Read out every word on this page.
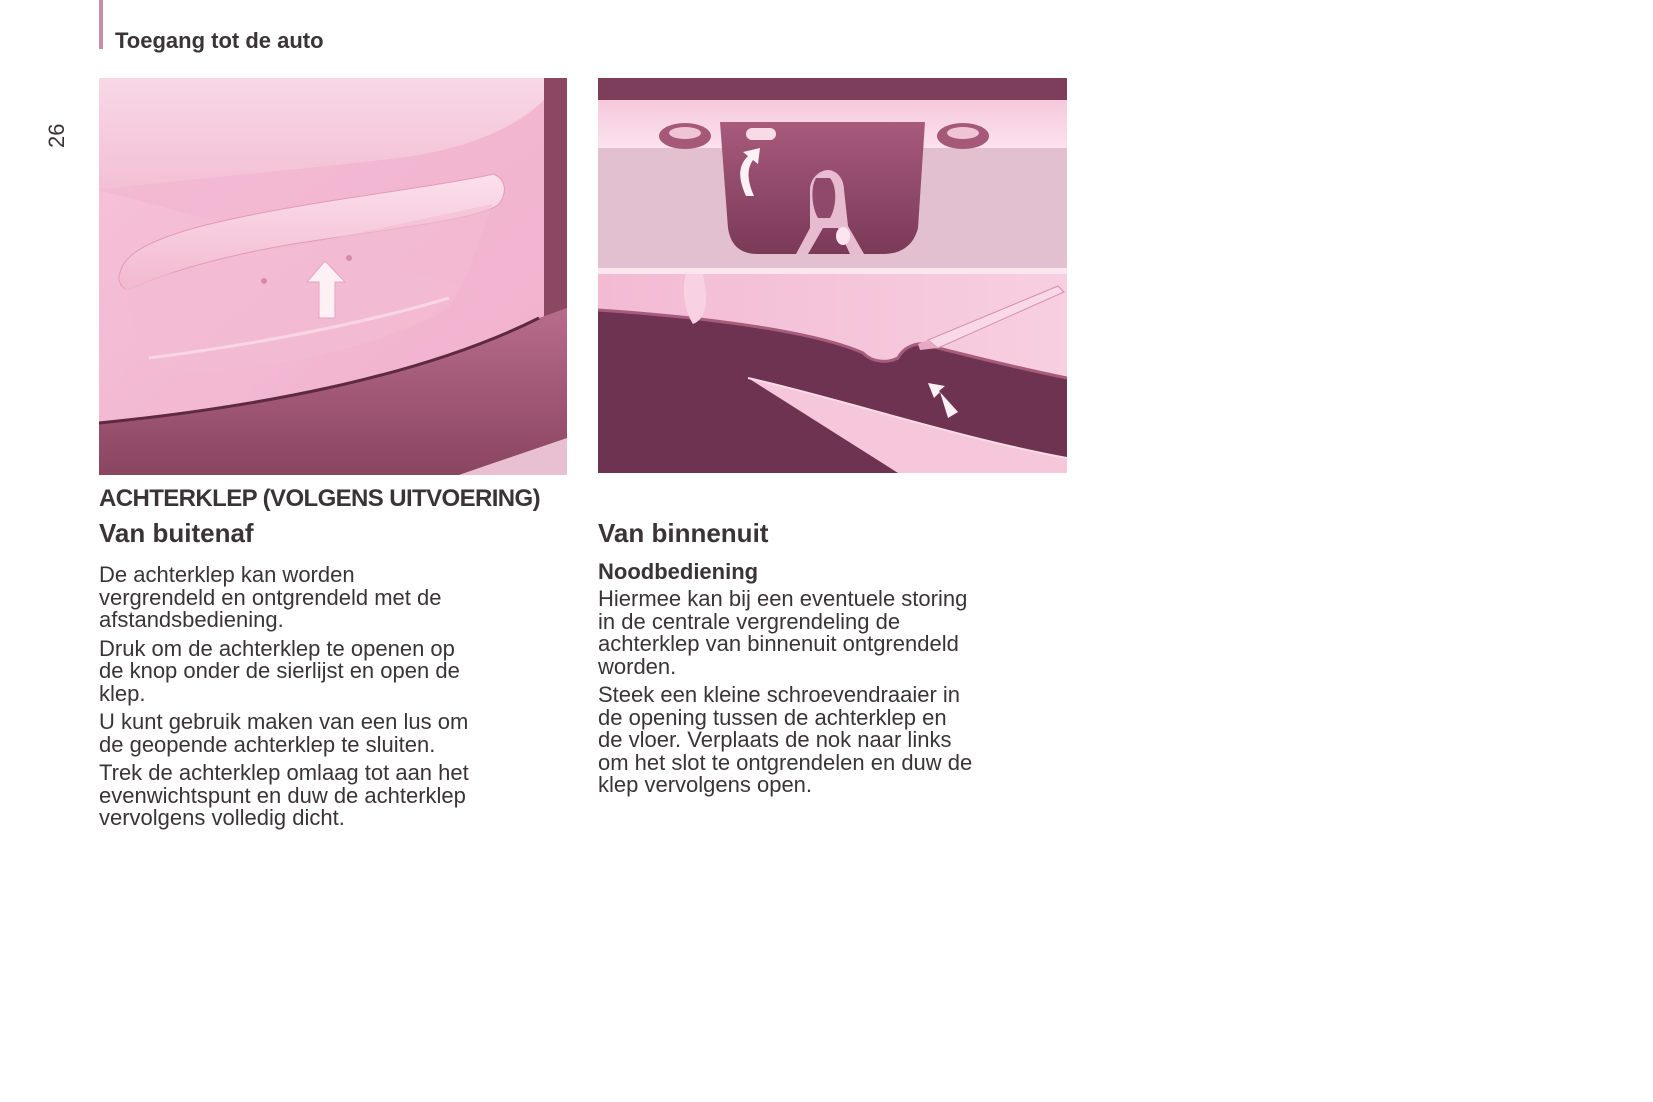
Toegang tot de auto
26
ACHTERKLEP (VOLGENS UITVOERING)
Van buitenaf

De achterklep kan worden
vergrendeld en ontgrendeld met de
afstandsbediening.

Druk om de achterklep te openen op
de knop onder de sierlijst en open de
klep.

U kunt gebruik maken van een lus om
de geopende achterklep te sluiten.

Trek de achterklep omlaag tot aan het
evenwichtspunt en duw de achterklep
vervolgens volledig dicht.

Van binnenuit
Noodbediening

Hiermee kan bij een eventuele storing
in de centrale vergrendeling de
achterklep van binnenuit ontgrendeld
worden.

Steek een kleine schroevendraaier in
de opening tussen de achterklep en
de vloer. Verplaats de nok naar links
om het slot te ontgrendelen en duw de
klep vervolgens open.
